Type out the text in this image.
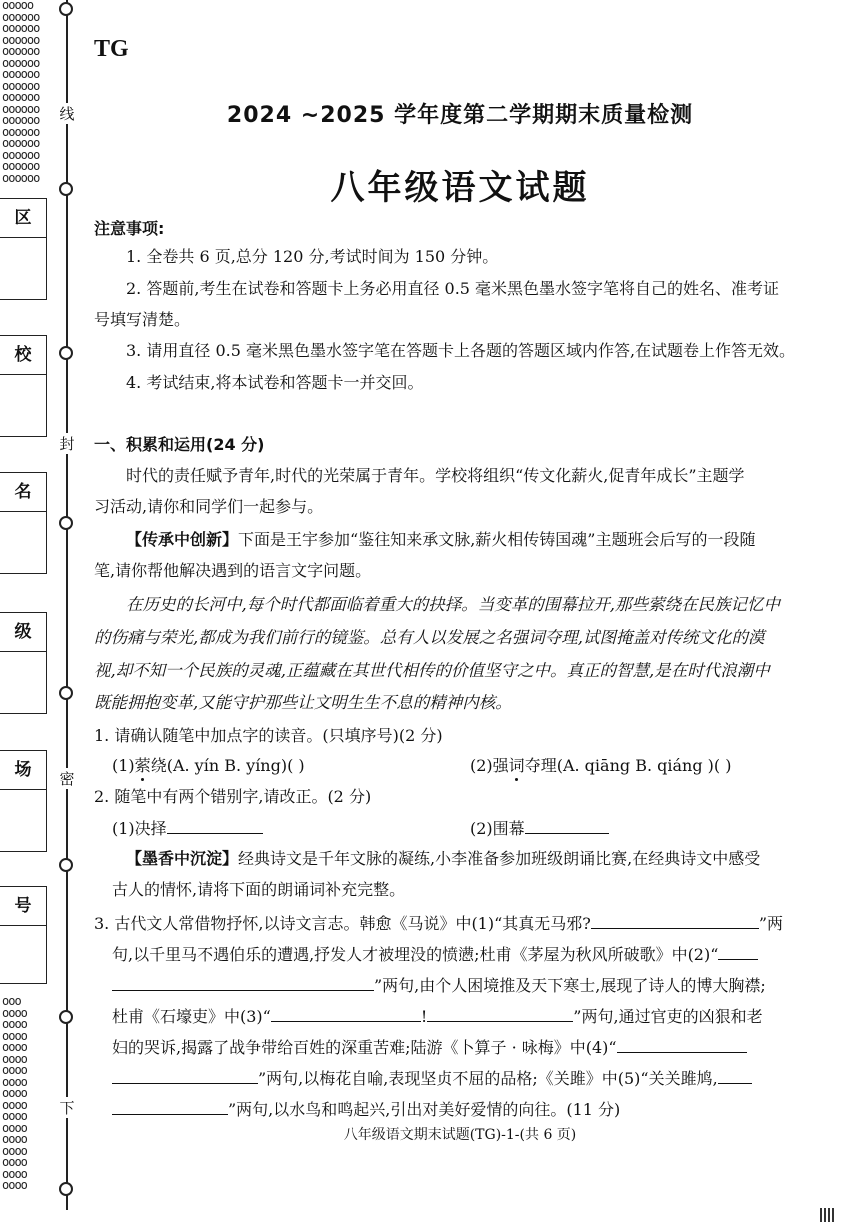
ooooo
oooooo
oooooo
oooooo
oooooo
oooooo
oooooo
oooooo
oooooo
oooooo
oooooo
oooooo
oooooo
oooooo
oooooo
oooooo
ooo
oooo
oooo
oooo
oooo
oooo
oooo
oooo
oooo
oooo
oooo
oooo
oooo
oooo
oooo
oooo
oooo
线
封
密
下
区
校
名
级
场
号
TG
2024 ~2025 学年度第二学期期末质量检测
八年级语文试题
注意事项:
1. 全卷共 6 页,总分 120 分,考试时间为 150 分钟。
2. 答题前,考生在试卷和答题卡上务必用直径 0.5 毫米黑色墨水签字笔将自己的姓名、准考证
号填写清楚。
3. 请用直径 0.5 毫米黑色墨水签字笔在答题卡上各题的答题区域内作答,在试题卷上作答无效。
4. 考试结束,将本试卷和答题卡一并交回。
一、积累和运用(24 分)
时代的责任赋予青年,时代的光荣属于青年。学校将组织“传文化薪火,促青年成长”主题学
习活动,请你和同学们一起参与。
【传承中创新】下面是王宇参加“鉴往知来承文脉,薪火相传铸国魂”主题班会后写的一段随
笔,请你帮他解决遇到的语言文字问题。
在历史的长河中,每个时代都面临着重大的抉择。当变革的围幕拉开,那些萦绕在民族记忆中
的伤痛与荣光,都成为我们前行的镜鉴。总有人以发展之名强词夺理,试图掩盖对传统文化的漠
视,却不知一个民族的灵魂,正蕴藏在其世代相传的价值坚守之中。真正的智慧,是在时代浪潮中
既能拥抱变革,又能守护那些让文明生生不息的精神内核。
1. 请确认随笔中加点字的读音。(只填序号)(2 分)
(1)萦绕(A. yín B. yíng)( )	(2)强词夺理(A. qiāng B. qiáng )( )
2. 随笔中有两个错别字,请改正。(2 分)
(1)决择	(2)围幕
【墨香中沉淀】经典诗文是千年文脉的凝练,小李准备参加班级朗诵比赛,在经典诗文中感受
古人的情怀,请将下面的朗诵词补充完整。
3. 古代文人常借物抒怀,以诗文言志。韩愈《马说》中(1)“其真无马邪?	”两
句,以千里马不遇伯乐的遭遇,抒发人才被埋没的愤懑;杜甫《茅屋为秋风所破歌》中(2)“
”两句,由个人困境推及天下寒士,展现了诗人的博大胸襟;
杜甫《石壕吏》中(3)“	!	”两句,通过官吏的凶狠和老
妇的哭诉,揭露了战争带给百姓的深重苦难;陆游《卜算子 · 咏梅》中(4)“
”两句,以梅花自喻,表现坚贞不屈的品格;《关雎》中(5)“关关雎鸠,
”两句,以水鸟和鸣起兴,引出对美好爱情的向往。(11 分)
八年级语文期末试题(TG)-1-(共 6 页)
